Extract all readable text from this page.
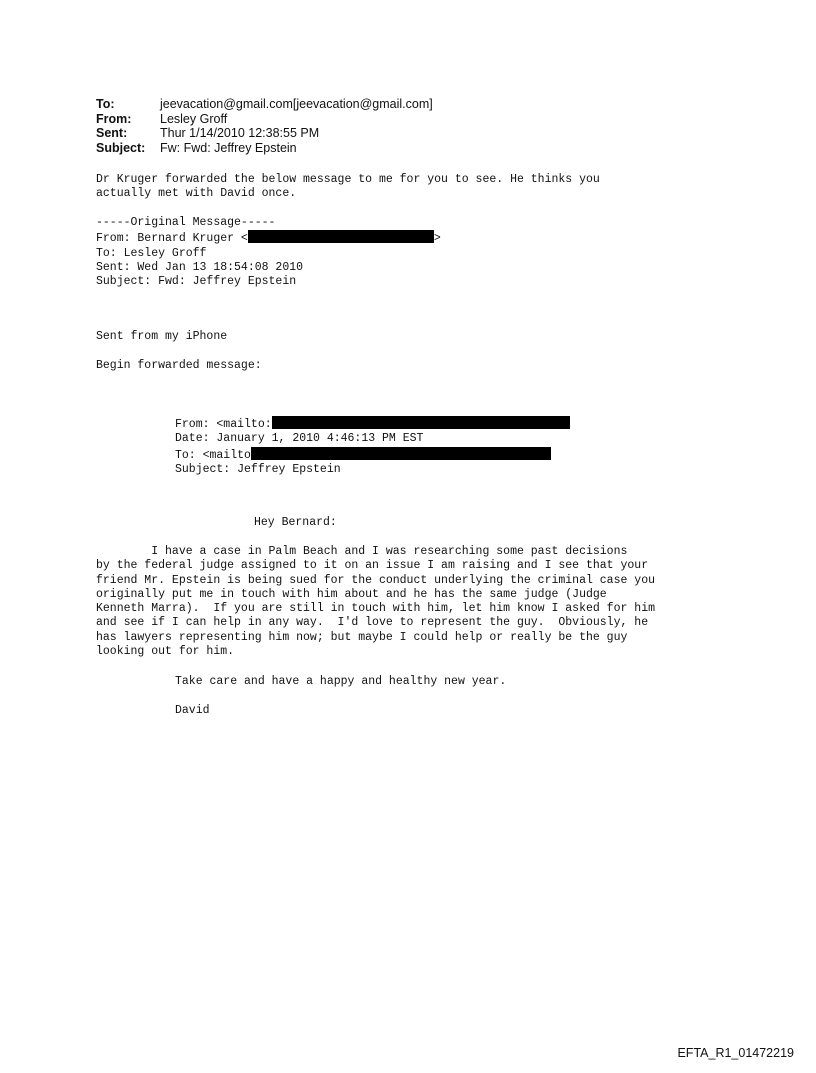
To:	jeevacation@gmail.com[jeevacation@gmail.com]
From:	Lesley Groff
Sent:	Thur 1/14/2010 12:38:55 PM
Subject:	Fw: Fwd: Jeffrey Epstein
Dr Kruger forwarded the below message to me for you to see. He thinks you
actually met with David once.
-----Original Message-----
From: Bernard Kruger <	>
To: Lesley Groff
Sent: Wed Jan 13 18:54:08 2010
Subject: Fwd: Jeffrey Epstein
Sent from my iPhone
Begin forwarded message:
From: <mailto:
Date: January 1, 2010 4:46:13 PM EST
To: <mailto
Subject: Jeffrey Epstein
Hey Bernard:
I have a case in Palm Beach and I was researching some past decisions
by the federal judge assigned to it on an issue I am raising and I see that your
friend Mr. Epstein is being sued for the conduct underlying the criminal case you
originally put me in touch with him about and he has the same judge (Judge
Kenneth Marra).  If you are still in touch with him, let him know I asked for him
and see if I can help in any way.  I'd love to represent the guy.  Obviously, he
has lawyers representing him now; but maybe I could help or really be the guy
looking out for him.
Take care and have a happy and healthy new year.
David
EFTA_R1_01472219
